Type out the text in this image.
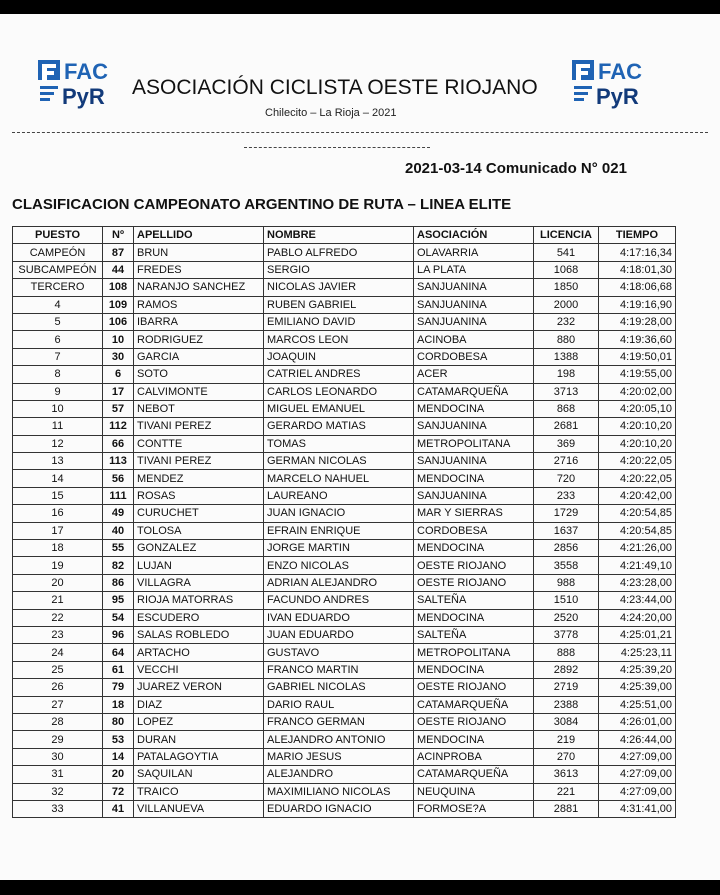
FAC
PyR ASOCIACIÓN CICLISTA OESTE RIOJANO
Chilecito – La Rioja – 2021
FAC
PyR
2021-03-14 Comunicado N° 021
CLASIFICACION CAMPEONATO ARGENTINO DE RUTA – LINEA ELITE
PUESTO	Nº	APELLIDO	NOMBRE	ASOCIACIÓN	LICENCIA	TIEMPO
CAMPEÓN	87	BRUN	PABLO ALFREDO	OLAVARRIA	541	4:17:16,34
SUBCAMPEÓN	44	FREDES	SERGIO	LA PLATA	1068	4:18:01,30
TERCERO	108	NARANJO SANCHEZ	NICOLAS JAVIER	SANJUANINA	1850	4:18:06,68
4	109	RAMOS	RUBEN GABRIEL	SANJUANINA	2000	4:19:16,90
5	106	IBARRA	EMILIANO DAVID	SANJUANINA	232	4:19:28,00
6	10	RODRIGUEZ	MARCOS LEON	ACINOBA	880	4:19:36,60
7	30	GARCIA	JOAQUIN	CORDOBESA	1388	4:19:50,01
8	6	SOTO	CATRIEL ANDRES	ACER	198	4:19:55,00
9	17	CALVIMONTE	CARLOS LEONARDO	CATAMARQUEÑA	3713	4:20:02,00
10	57	NEBOT	MIGUEL EMANUEL	MENDOCINA	868	4:20:05,10
11	112	TIVANI PEREZ	GERARDO MATIAS	SANJUANINA	2681	4:20:10,20
12	66	CONTTE	TOMAS	METROPOLITANA	369	4:20:10,20
13	113	TIVANI PEREZ	GERMAN NICOLAS	SANJUANINA	2716	4:20:22,05
14	56	MENDEZ	MARCELO NAHUEL	MENDOCINA	720	4:20:22,05
15	111	ROSAS	LAUREANO	SANJUANINA	233	4:20:42,00
16	49	CURUCHET	JUAN IGNACIO	MAR Y SIERRAS	1729	4:20:54,85
17	40	TOLOSA	EFRAIN ENRIQUE	CORDOBESA	1637	4:20:54,85
18	55	GONZALEZ	JORGE MARTIN	MENDOCINA	2856	4:21:26,00
19	82	LUJAN	ENZO NICOLAS	OESTE RIOJANO	3558	4:21:49,10
20	86	VILLAGRA	ADRIAN ALEJANDRO	OESTE RIOJANO	988	4:23:28,00
21	95	RIOJA MATORRAS	FACUNDO ANDRES	SALTEÑA	1510	4:23:44,00
22	54	ESCUDERO	IVAN EDUARDO	MENDOCINA	2520	4:24:20,00
23	96	SALAS ROBLEDO	JUAN EDUARDO	SALTEÑA	3778	4:25:01,21
24	64	ARTACHO	GUSTAVO	METROPOLITANA	888	4:25:23,11
25	61	VECCHI	FRANCO MARTIN	MENDOCINA	2892	4:25:39,20
26	79	JUAREZ VERON	GABRIEL NICOLAS	OESTE RIOJANO	2719	4:25:39,00
27	18	DIAZ	DARIO RAUL	CATAMARQUEÑA	2388	4:25:51,00
28	80	LOPEZ	FRANCO GERMAN	OESTE RIOJANO	3084	4:26:01,00
29	53	DURAN	ALEJANDRO ANTONIO	MENDOCINA	219	4:26:44,00
30	14	PATALAGOYTIA	MARIO JESUS	ACINPROBA	270	4:27:09,00
31	20	SAQUILAN	ALEJANDRO	CATAMARQUEÑA	3613	4:27:09,00
32	72	TRAICO	MAXIMILIANO NICOLAS	NEUQUINA	221	4:27:09,00
33	41	VILLANUEVA	EDUARDO IGNACIO	FORMOSE?A	2881	4:31:41,00
